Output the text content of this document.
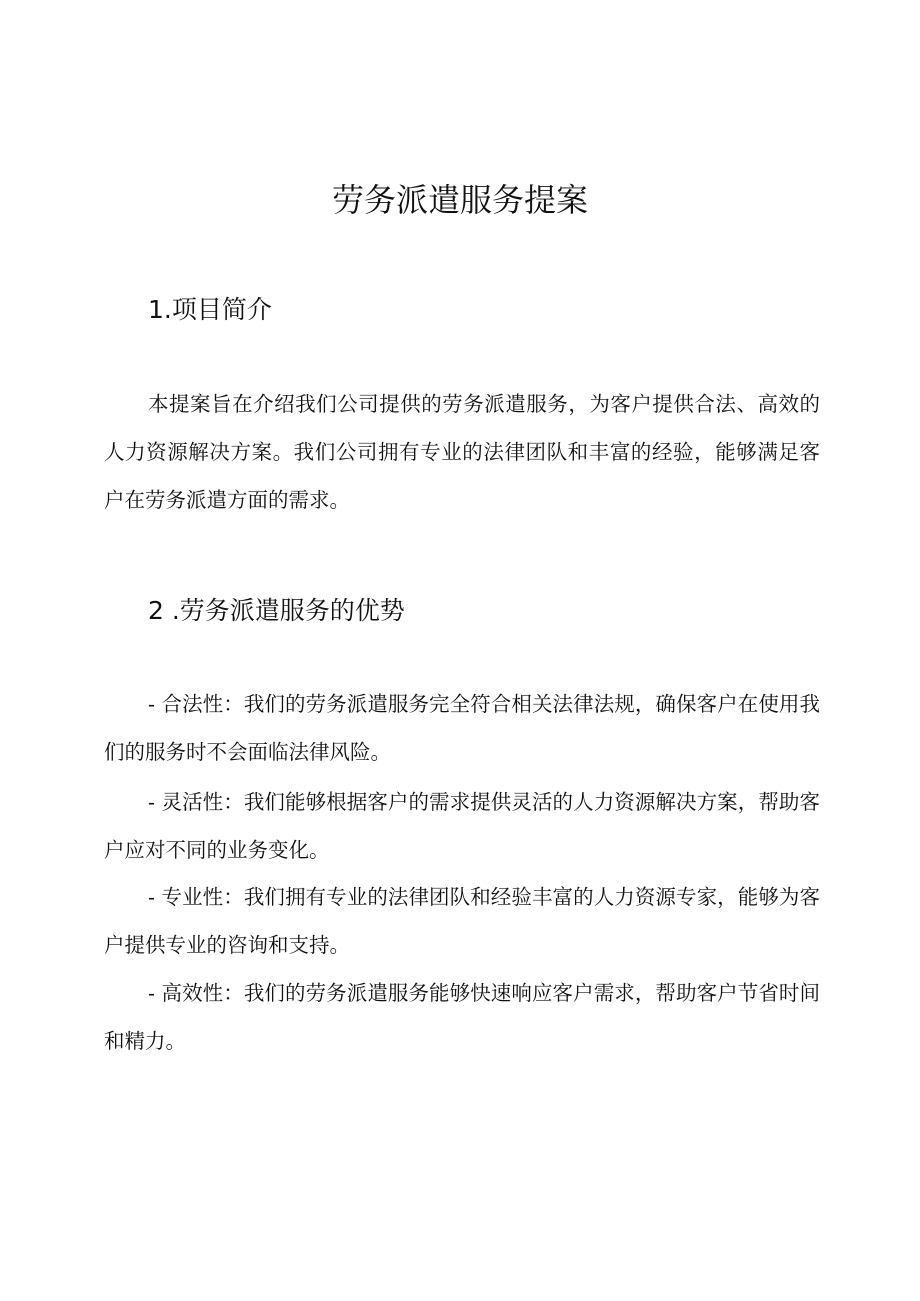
劳务派遣服务提案
1.项目简介

本提案旨在介绍我们公司提供的劳务派遣服务，为客户提供合法、高效的人力资源解决方案。我们公司拥有专业的法律团队和丰富的经验，能够满足客户在劳务派遣方面的需求。

2 .劳务派遣服务的优势

- 合法性：我们的劳务派遣服务完全符合相关法律法规，确保客户在使用我们的服务时不会面临法律风险。

- 灵活性：我们能够根据客户的需求提供灵活的人力资源解决方案，帮助客户应对不同的业务变化。

- 专业性：我们拥有专业的法律团队和经验丰富的人力资源专家，能够为客户提供专业的咨询和支持。

- 高效性：我们的劳务派遣服务能够快速响应客户需求，帮助客户节省时间和精力。
